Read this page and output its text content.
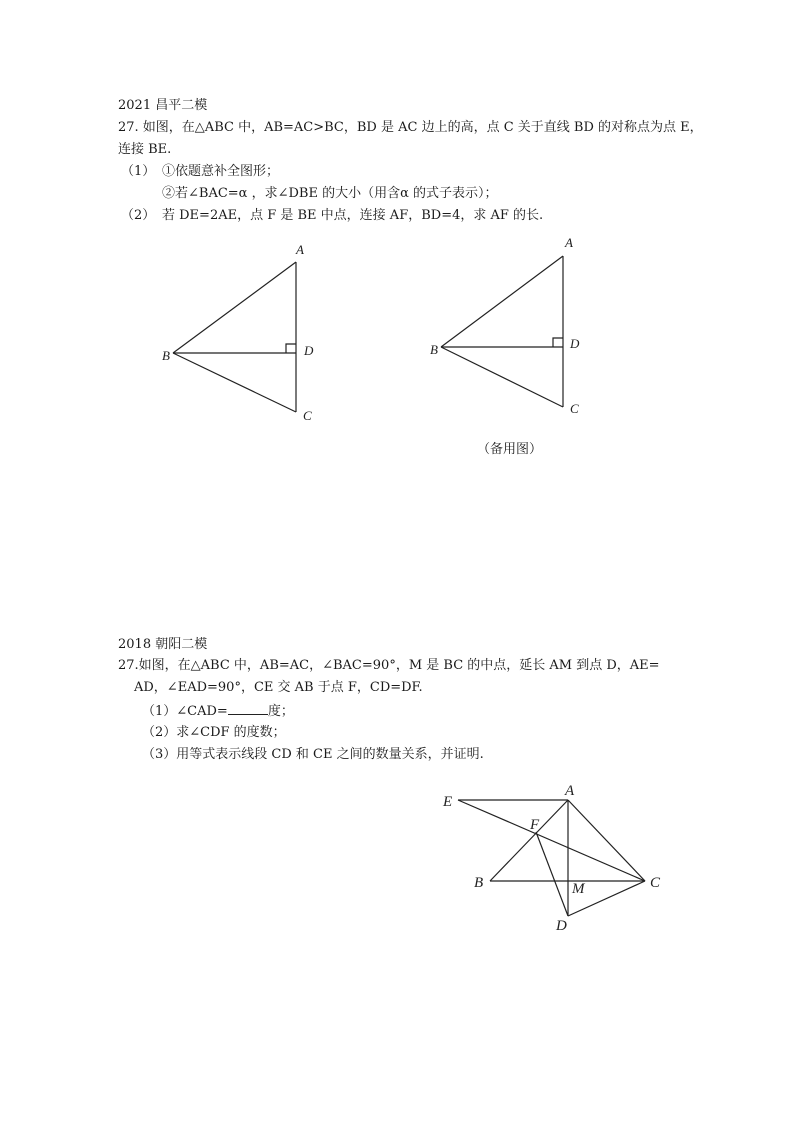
2021 昌平二模
27. 如图，在△ABC 中，AB=AC>BC，BD 是 AC 边上的高，点 C 关于直线 BD 的对称点为点 E，
连接 BE.
（1） ①依题意补全图形；
②若∠BAC=α ，求∠DBE 的大小（用含α 的式子表示）；
（2） 若 DE=2AE，点 F 是 BE 中点，连接 AF，BD=4，求 AF 的长.
A
B
C
D
A
B
C
D
（备用图）
2018 朝阳二模
27.如图，在△ABC 中，AB=AC，∠BAC=90°，M 是 BC 的中点，延长 AM 到点 D，AE=
AD，∠EAD=90°，CE 交 AB 于点 F，CD=DF.
（1）∠CAD=	度；
（2）求∠CDF 的度数；
（3）用等式表示线段 CD 和 CE 之间的数量关系，并证明.
E
A
F
B	M	C
D
